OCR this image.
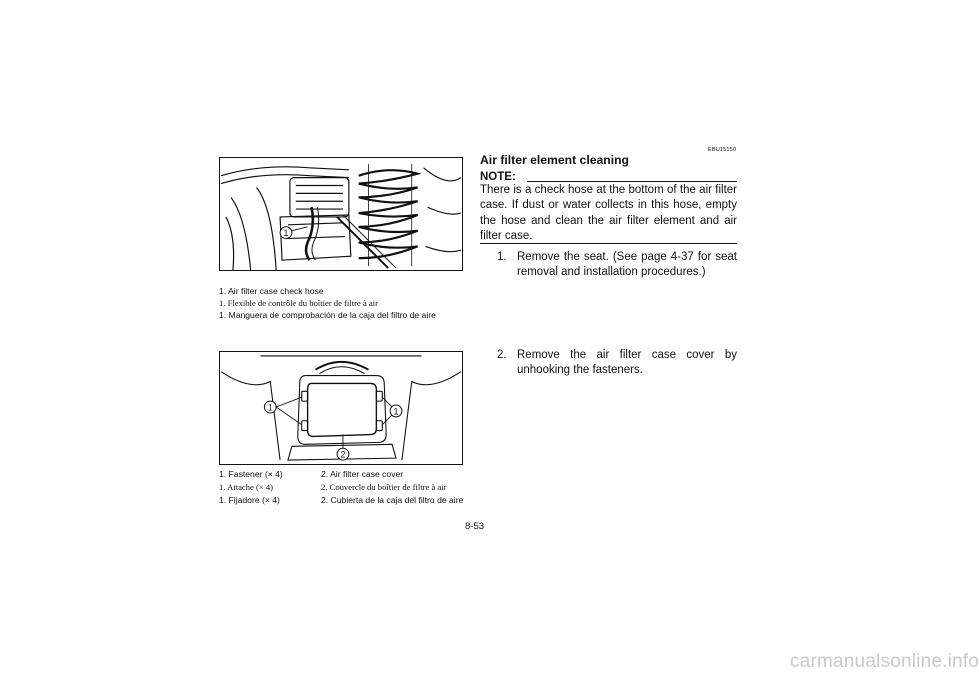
1
1. Air filter case check hose
1. Flexible de contrôle du boîtier de filtre à air
1. Manguera de comprobación de la caja del filtro de aire
1	1
2
1. Fastener (× 4)	2. Air filter case cover
1. Attache (× 4)	2. Couvercle du boîtier de filtre à air
1. Fijadore (× 4)	2. Cubierta de la caja del filtro de aire
EBU15150
Air filter element cleaning
NOTE:
There is a check hose at the bottom of the air filter case. If dust or water collects in this hose, empty the hose and clean the air filter element and air filter case.
1. Remove the seat. (See page 4-37 for seat removal and installation procedures.)
2. Remove the air filter case cover by unhooking the fasteners.
8-53
carmanualsonline.info
